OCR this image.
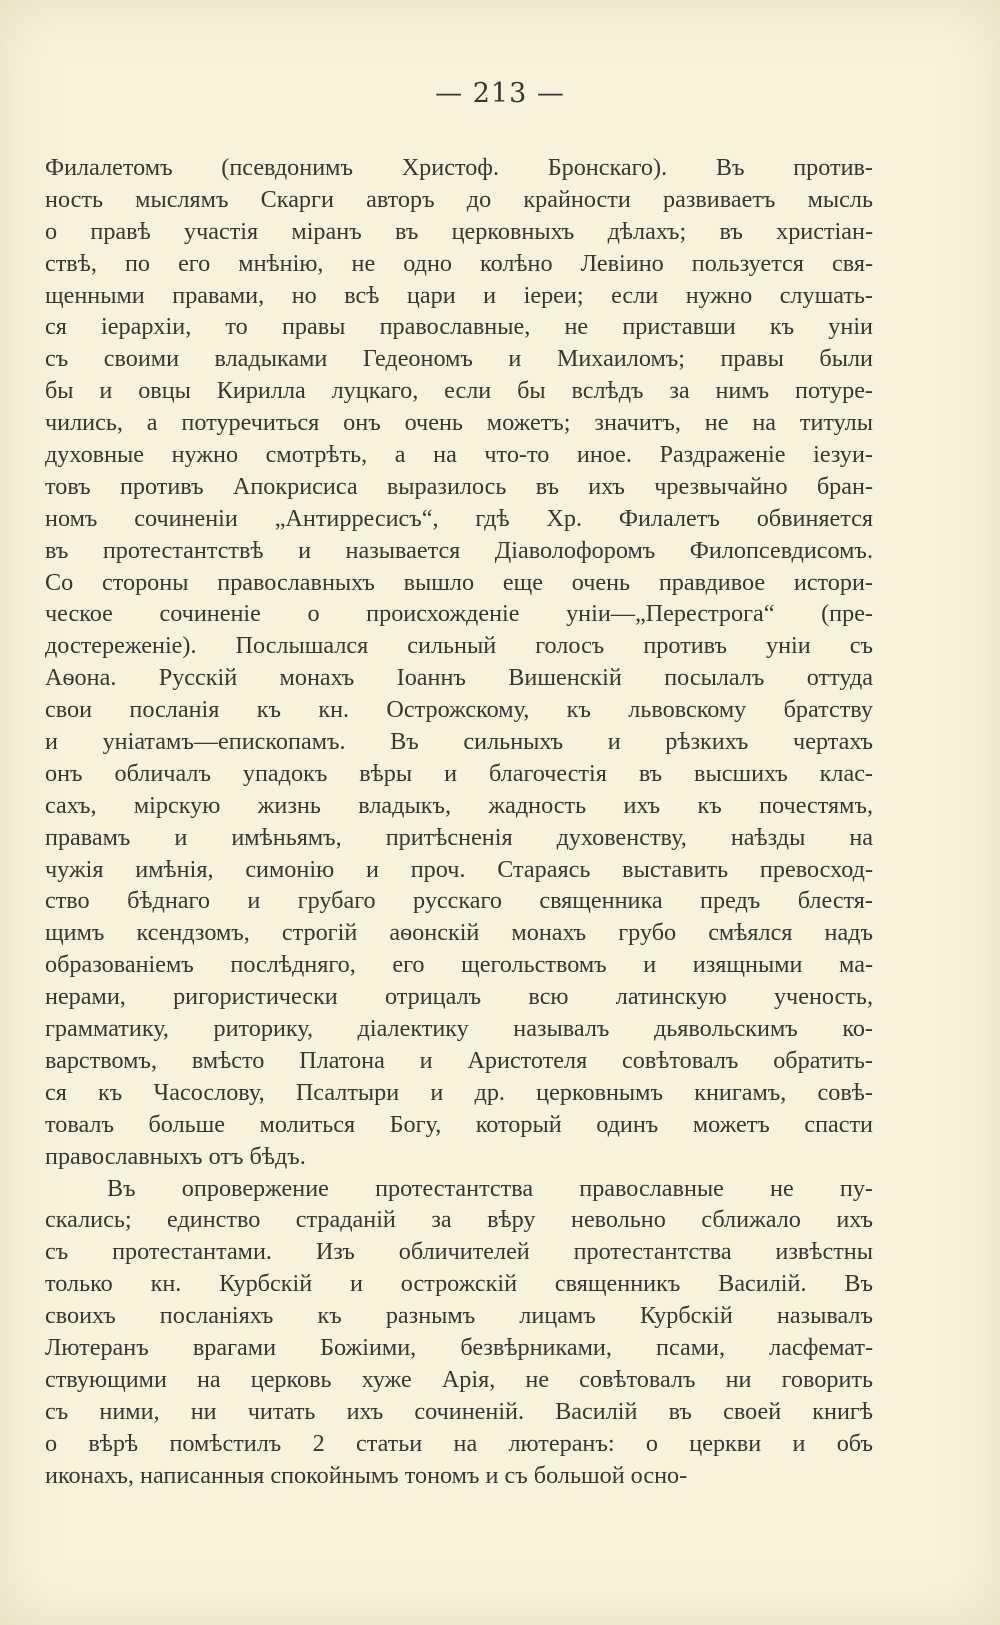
— 213 —
Филалетомъ (псевдонимъ Христоф. Бронскаго). Въ против-
ность мыслямъ Скарги авторъ до крайности развиваетъ мысль
о правѣ участія міранъ въ церковныхъ дѣлахъ; въ христіан-
ствѣ, по его мнѣнію, не одно колѣно Левіино пользуется свя-
щенными правами, но всѣ цари и іереи; если нужно слушать-
ся іерархіи, то правы православные, не приставши къ уніи
съ своими владыками Гедеономъ и Михаиломъ; правы были
бы и овцы Кирилла луцкаго, если бы вслѣдъ за нимъ потуре-
чились, а потуречиться онъ очень можетъ; значитъ, не на титулы
духовные нужно смотрѣть, а на что-то иное. Раздраженіе іезуи-
товъ противъ Апокрисиса выразилось въ ихъ чрезвычайно бран-
номъ сочиненіи „Антирресисъ“, гдѣ Хр. Филалетъ обвиняется
въ протестантствѣ и называется Діаволофоромъ Филопсевдисомъ.
Со стороны православныхъ вышло еще очень правдивое истори-
ческое сочиненіе о происхожденіе уніи—„Перестрога“ (пре-
достереженіе). Послышался сильный голосъ противъ уніи съ
Аѳона. Русскій монахъ Іоаннъ Вишенскій посылалъ оттуда
свои посланія къ кн. Острожскому, къ львовскому братству
и уніатамъ—епископамъ. Въ сильныхъ и рѣзкихъ чертахъ
онъ обличалъ упадокъ вѣры и благочестія въ высшихъ клас-
сахъ, мірскую жизнь владыкъ, жадность ихъ къ почестямъ,
правамъ и имѣньямъ, притѣсненія духовенству, наѣзды на
чужія имѣнія, симонію и проч. Стараясь выставить превосход-
ство бѣднаго и грубаго русскаго священника предъ блестя-
щимъ ксендзомъ, строгій аѳонскій монахъ грубо смѣялся надъ
образованіемъ послѣдняго, его щегольствомъ и изящными ма-
нерами, ригористически отрицалъ всю латинскую ученость,
грамматику, риторику, діалектику называлъ дьявольскимъ ко-
варствомъ, вмѣсто Платона и Аристотеля совѣтовалъ обратить-
ся къ Часослову, Псалтыри и др. церковнымъ книгамъ, совѣ-
товалъ больше молиться Богу, который одинъ можетъ спасти
православныхъ отъ бѣдъ.
Въ опровержение протестантства православные не пу-
скались; единство страданій за вѣру невольно сближало ихъ
съ протестантами. Изъ обличителей протестантства извѣстны
только кн. Курбскій и острожскій священникъ Василій. Въ
своихъ посланіяхъ къ разнымъ лицамъ Курбскій называлъ
Лютеранъ врагами Божіими, безвѣрниками, псами, лаcфемат-
ствующими на церковь хуже Арія, не совѣтовалъ ни говорить
съ ними, ни читать ихъ сочиненій. Василій въ своей книгѣ
о вѣрѣ помѣстилъ 2 статьи на лютеранъ: о церкви и объ
иконахъ, написанныя спокойнымъ тономъ и съ большой осно-
